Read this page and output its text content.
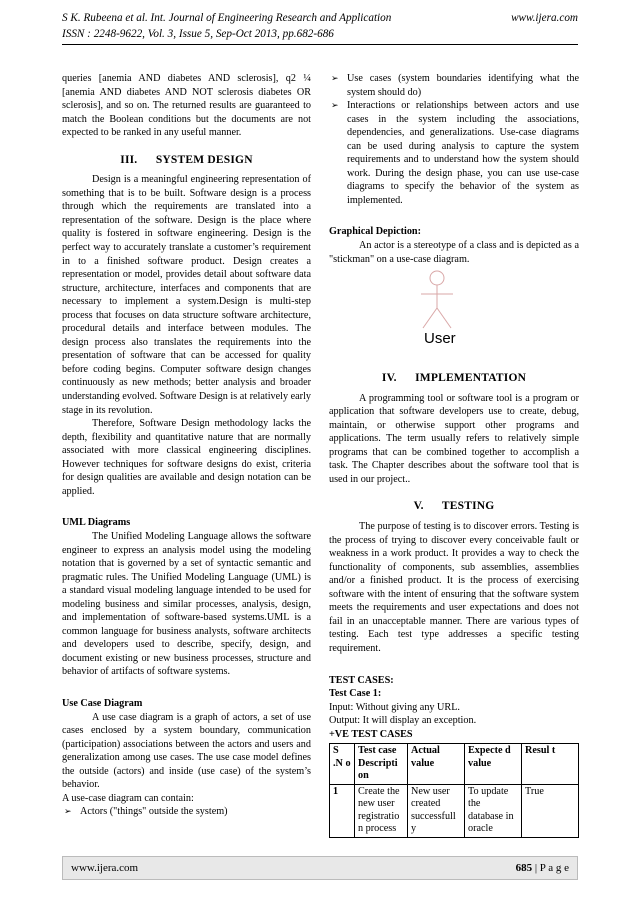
S K. Rubeena et al. Int. Journal of Engineering Research and Application	www.ijera.com
ISSN : 2248-9622, Vol. 3, Issue 5, Sep-Oct 2013, pp.682-686

queries [anemia AND diabetes AND sclerosis], q2 ¼ [anemia AND diabetes AND NOT sclerosis diabetes OR sclerosis], and so on. The returned results are guaranteed to match the Boolean conditions but the documents are not expected to be ranked in any useful manner.

III.      SYSTEM DESIGN

Design is a meaningful engineering representation of something that is to be built. Software design is a process through which the requirements are translated into a representation of the software. Design is the place where quality is fostered in software engineering. Design is the perfect way to accurately translate a customer’s requirement in to a finished software product. Design creates a representation or model, provides detail about software data structure, architecture, interfaces and components that are necessary to implement a system.Design is multi-step process that focuses on data structure software architecture, procedural details and interface between modules. The design process also translates the requirements into the presentation of software that can be accessed for quality before coding begins. Computer software design changes continuously as new methods; better analysis and broader understanding evolved. Software Design is at relatively early stage in its revolution.

Therefore, Software Design methodology lacks the depth, flexibility and quantitative nature that are normally associated with more classical engineering disciplines. However techniques for software designs do exist, criteria for design qualities are available and design notation can be applied.

UML Diagrams

The Unified Modeling Language allows the software engineer to express an analysis model using the modeling notation that is governed by a set of syntactic semantic and pragmatic rules. The Unified Modeling Language (UML) is a standard visual modeling language intended to be used for modeling business and similar processes, analysis, design, and implementation of software-based systems.UML is a common language for business analysts, software architects and developers used to describe, specify, design, and document existing or new business processes, structure and behavior of artifacts of software systems.

Use Case Diagram

A use case diagram is a graph of actors, a set of use cases enclosed by a system boundary, communication (participation) associations between the actors and users and generalization among use cases. The use case model defines the outside (actors) and inside (use case) of the system’s behavior.

A use-case diagram can contain:

➢ Actors ("things" outside the system)
➢ Use cases (system boundaries identifying what the system should do)
➢ Interactions or relationships between actors and use cases in the system including the associations, dependencies, and generalizations. Use-case diagrams can be used during analysis to capture the system requirements and to understand how the system should work. During the design phase, you can use use-case diagrams to specify the behavior of the system as implemented.

Graphical Depiction:

An actor is a stereotype of a class and is depicted as a "stickman" on a use-case diagram.

User
IV.      IMPLEMENTATION

A programming tool or software tool is a program or application that software developers use to create, debug, maintain, or otherwise support other programs and applications. The term usually refers to relatively simple programs that can be combined together to accomplish a task. The Chapter describes about the software tool that is used in our project..

V.      TESTING

The purpose of testing is to discover errors. Testing is the process of trying to discover every conceivable fault or weakness in a work product. It provides a way to check the functionality of components, sub assemblies, assemblies and/or a finished product. It is the process of exercising software with the intent of ensuring that the software system meets the requirements and user expectations and does not fail in an unacceptable manner. There are various types of testing. Each test type addresses a specific testing requirement.

TEST CASES:

Test Case 1:

Input: Without giving any URL.

Output: It will display an exception.

+VE TEST CASES

S .N o	Test case Descripti on	Actual value	Expecte d value	Resul t
1	Create the new user registratio n process	New user created successfull y	To update the database in oracle	True
www.ijera.com	685 | P a g e
